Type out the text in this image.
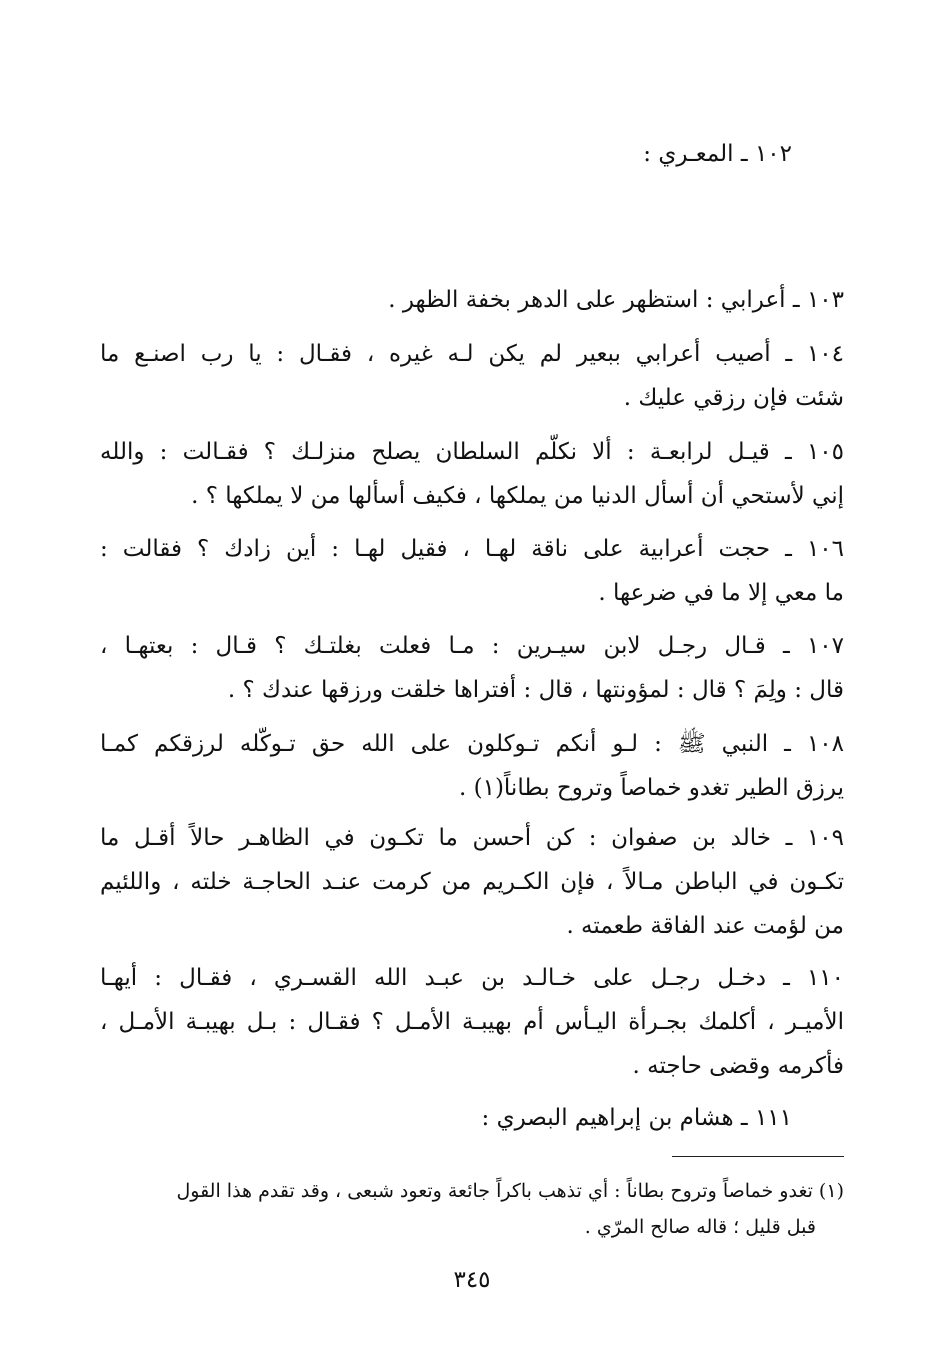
١٠٢ ـ المعـري :
١٠٣ ـ أعرابي : استظهر على الدهر بخفة الظهر .
١٠٤ ـ أصيب أعرابي ببعير لم يكن لـه غيره ، فقـال : يا رب اصنـع ما
شئت فإن رزقي عليك .
١٠٥ ـ قيـل لرابعـة : ألا نكلّم السلطان يصلح منزلـك ؟ فقـالت : والله
إني لأستحي أن أسأل الدنيا من يملكها ، فكيف أسألها من لا يملكها ؟ .
١٠٦ ـ حجت أعرابية على ناقة لهـا ، فقيل لهـا : أين زادك ؟ فقالت :
ما معي إلا ما في ضرعها .
١٠٧ ـ قـال رجـل لابن سيـرين : مـا فعلت بغلتـك ؟ قـال : بعتهـا ،
قال : ولِمَ ؟ قال : لمؤونتها ، قال : أفتراها خلقت ورزقها عندك ؟ .
١٠٨ ـ النبي ﷺ : لـو أنكم تـوكلون على الله حق تـوكّله لرزقكم كمـا
يرزق الطير تغدو خماصاً وتروح بطاناً(١) .
١٠٩ ـ خالد بن صفوان : كن أحسن ما تكـون في الظاهـر حالاً أقـل ما
تكـون في الباطن مـالاً ، فإن الكـريم من كرمت عنـد الحاجـة خلته ، واللئيم
من لؤمت عند الفاقة طعمته .
١١٠ ـ دخـل رجـل على خـالـد بن عبـد الله القسـري ، فقـال : أيهـا
الأميـر ، أكلمك بجـرأة اليـأس أم بهيبـة الأمـل ؟ فقـال : بـل بهيبـة الأمـل ،
فأكرمه وقضى حاجته .
١١١ ـ هشام بن إبراهيم البصري :
(١) تغدو خماصاً وتروح بطاناً : أي تذهب باكراً جائعة وتعود شبعى ، وقد تقدم هذا القول
قبل قليل ؛ قاله صالح المرّي .
٣٤٥
